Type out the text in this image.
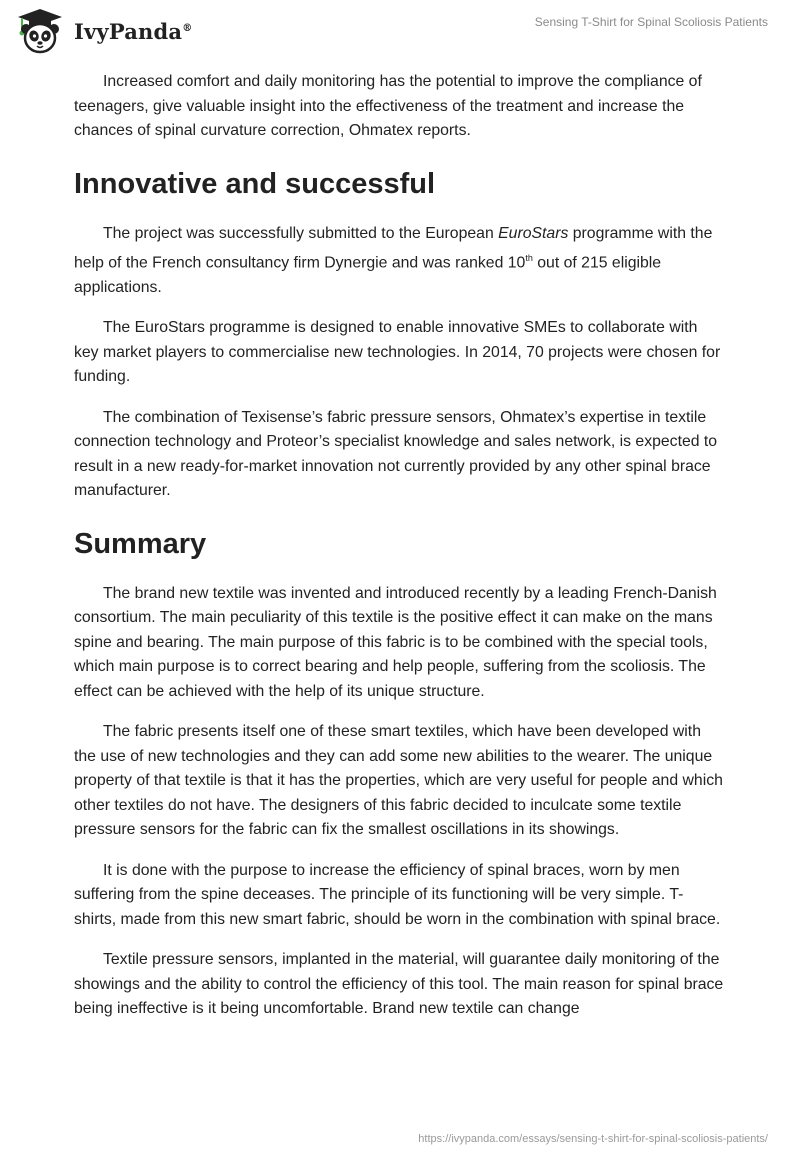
IvyPanda®	Sensing T-Shirt for Spinal Scoliosis Patients

Increased comfort and daily monitoring has the potential to improve the compliance of teenagers, give valuable insight into the effectiveness of the treatment and increase the chances of spinal curvature correction, Ohmatex reports.

Innovative and successful

The project was successfully submitted to the European EuroStars programme with the help of the French consultancy firm Dynergie and was ranked 10th out of 215 eligible applications.

The EuroStars programme is designed to enable innovative SMEs to collaborate with key market players to commercialise new technologies. In 2014, 70 projects were chosen for funding.

The combination of Texisense’s fabric pressure sensors, Ohmatex’s expertise in textile connection technology and Proteor’s specialist knowledge and sales network, is expected to result in a new ready-for-market innovation not currently provided by any other spinal brace manufacturer.

Summary

The brand new textile was invented and introduced recently by a leading French-Danish consortium. The main peculiarity of this textile is the positive effect it can make on the mans spine and bearing. The main purpose of this fabric is to be combined with the special tools, which main purpose is to correct bearing and help people, suffering from the scoliosis. The effect can be achieved with the help of its unique structure.

The fabric presents itself one of these smart textiles, which have been developed with the use of new technologies and they can add some new abilities to the wearer. The unique property of that textile is that it has the properties, which are very useful for people and which other textiles do not have. The designers of this fabric decided to inculcate some textile pressure sensors for the fabric can fix the smallest oscillations in its showings.

It is done with the purpose to increase the efficiency of spinal braces, worn by men suffering from the spine deceases. The principle of its functioning will be very simple. T-shirts, made from this new smart fabric, should be worn in the combination with spinal brace.

Textile pressure sensors, implanted in the material, will guarantee daily monitoring of the showings and the ability to control the efficiency of this tool. The main reason for spinal brace being ineffective is it being uncomfortable. Brand new textile can change

https://ivypanda.com/essays/sensing-t-shirt-for-spinal-scoliosis-patients/
